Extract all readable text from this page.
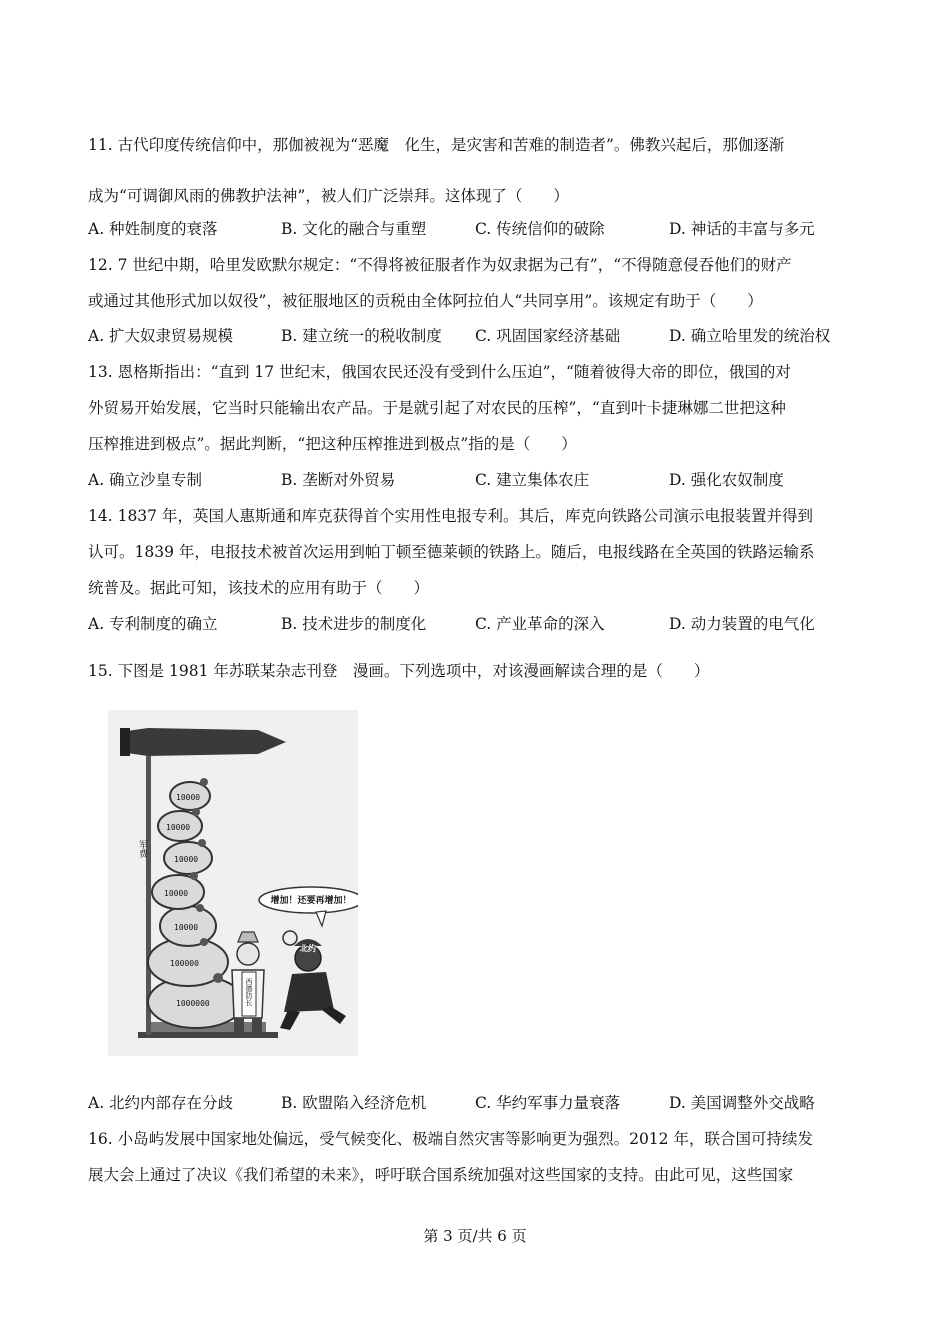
11. 古代印度传统信仰中，那伽被视为“恶魔　化生，是灾害和苦难的制造者”。佛教兴起后，那伽逐渐
成为“可调御风雨的佛教护法神”，被人们广泛崇拜。这体现了（　　）
A. 种姓制度的衰落	B. 文化的融合与重塑	C. 传统信仰的破除	D. 神话的丰富与多元
12. 7 世纪中期，哈里发欧默尔规定：“不得将被征服者作为奴隶据为己有”，“不得随意侵吞他们的财产
或通过其他形式加以奴役”，被征服地区的贡税由全体阿拉伯人“共同享用”。该规定有助于（　　）
A. 扩大奴隶贸易规模	B. 建立统一的税收制度 C. 巩固国家经济基础	D. 确立哈里发的统治权
13. 恩格斯指出：“直到 17 世纪末，俄国农民还没有受到什么压迫”，“随着彼得大帝的即位，俄国的对
外贸易开始发展，它当时只能输出农产品。于是就引起了对农民的压榨”，“直到叶卡捷琳娜二世把这种
压榨推进到极点”。据此判断，“把这种压榨推进到极点”指的是（　　）
A. 确立沙皇专制	B. 垄断对外贸易	C. 建立集体农庄	D. 强化农奴制度
14. 1837 年，英国人惠斯通和库克获得首个实用性电报专利。其后，库克向铁路公司演示电报装置并得到
认可。1839 年，电报技术被首次运用到帕丁顿至德莱顿的铁路上。随后，电报线路在全英国的铁路运输系
统普及。据此可知，该技术的应用有助于（　　）
A. 专利制度的确立	B. 技术进步的制度化	C. 产业革命的深入	D. 动力装置的电气化
15. 下图是 1981 年苏联某杂志刊登　漫画。下列选项中，对该漫画解读合理的是（　　）
1000000
100000
10000
10000
10000
10000
10000
军费
增加！还要再增加！
西德防长
北约
A. 北约内部存在分歧	B. 欧盟陷入经济危机	C. 华约军事力量衰落	D. 美国调整外交战略
16. 小岛屿发展中国家地处偏远，受气候变化、极端自然灾害等影响更为强烈。2012 年，联合国可持续发
展大会上通过了决议《我们希望的未来》，呼吁联合国系统加强对这些国家的支持。由此可见，这些国家
第 3 页/共 6 页
